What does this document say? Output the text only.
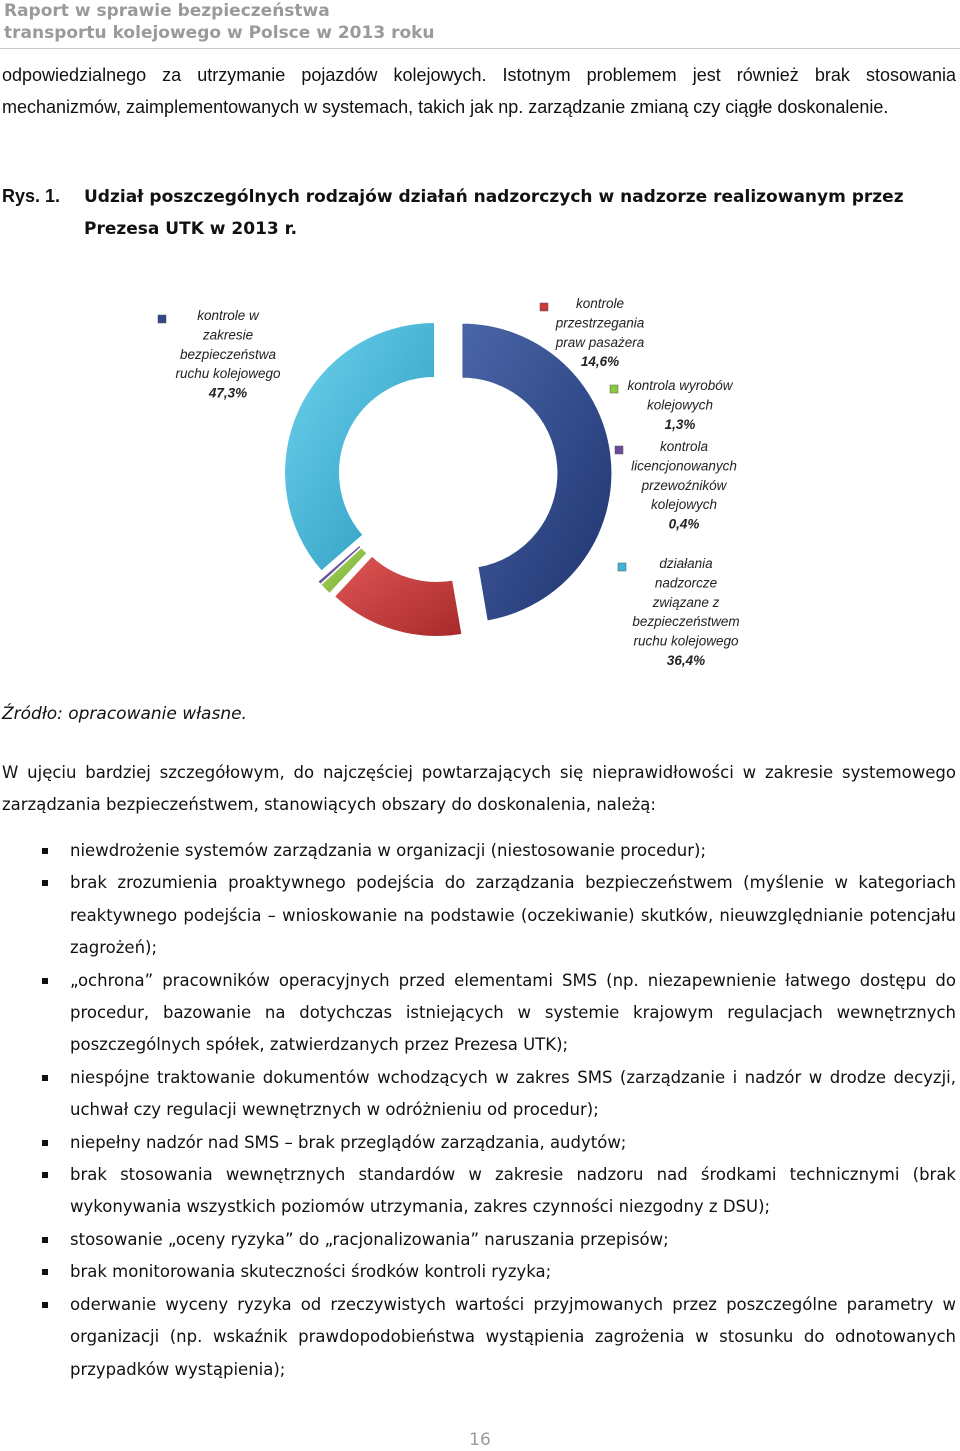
Raport w sprawie bezpieczeństwa
transportu kolejowego w Polsce w 2013 roku

odpowiedzialnego za utrzymanie pojazdów kolejowych. Istotnym problemem jest również brak stosowania mechanizmów, zaimplementowanych w systemach, takich jak np. zarządzanie zmianą czy ciągłe doskonalenie.

Rys. 1. Udział poszczególnych rodzajów działań nadzorczych w nadzorze realizowanym przez
Prezesa UTK w 2013 r.
kontrole w zakresie bezpieczeństwa ruchu kolejowego 47,3%
kontrole przestrzegania praw pasażera 14,6%
kontrola wyrobów kolejowych 1,3%
kontrola licencjonowanych przewoźników kolejowych 0,4%
działania nadzorcze związane z bezpieczeństwem ruchu kolejowego 36,4%
Źródło: opracowanie własne.

W ujęciu bardziej szczegółowym, do najczęściej powtarzających się nieprawidłowości w zakresie systemowego zarządzania bezpieczeństwem, stanowiących obszary do doskonalenia, należą:

niewdrożenie systemów zarządzania w organizacji (niestosowanie procedur);
brak zrozumienia proaktywnego podejścia do zarządzania bezpieczeństwem (myślenie w kategoriach reaktywnego podejścia – wnioskowanie na podstawie (oczekiwanie) skutków, nieuwzględnianie potencjału zagrożeń);
„ochrona” pracowników operacyjnych przed elementami SMS (np. niezapewnienie łatwego dostępu do procedur, bazowanie na dotychczas istniejących w systemie krajowym regulacjach wewnętrznych poszczególnych spółek, zatwierdzanych przez Prezesa UTK);
niespójne traktowanie dokumentów wchodzących w zakres SMS (zarządzanie i nadzór w drodze decyzji, uchwał czy regulacji wewnętrznych w odróżnieniu od procedur);
niepełny nadzór nad SMS – brak przeglądów zarządzania, audytów;
brak stosowania wewnętrznych standardów w zakresie nadzoru nad środkami technicznymi (brak wykonywania wszystkich poziomów utrzymania, zakres czynności niezgodny z DSU);
stosowanie „oceny ryzyka” do „racjonalizowania” naruszania przepisów;
brak monitorowania skuteczności środków kontroli ryzyka;
oderwanie wyceny ryzyka od rzeczywistych wartości przyjmowanych przez poszczególne parametry w organizacji (np. wskaźnik prawdopodobieństwa wystąpienia zagrożenia w stosunku do odnotowanych przypadków wystąpienia);
16
